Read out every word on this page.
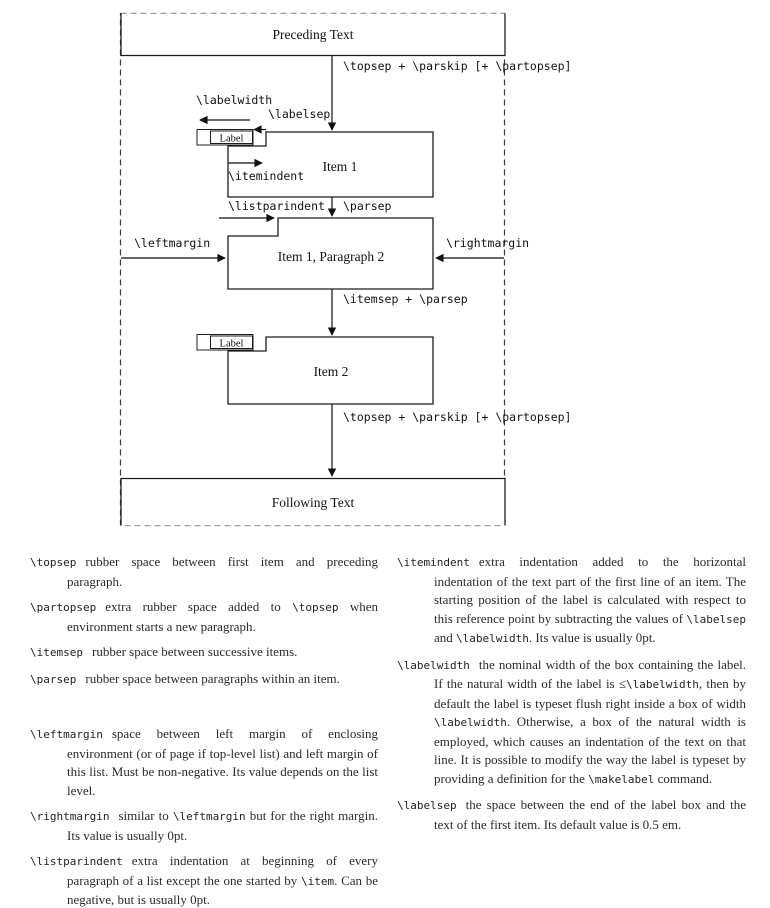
Preceding Text
Following Text
\topsep + \parskip [+ \partopsep]
\labelwidth
\labelsep
Item 1
Label
\itemindent
\listparindent \parsep
Item 1, Paragraph 2
\leftmargin	\rightmargin
\itemsep + \parsep
Item 2
Label
\topsep + \parskip [+ \partopsep]

\topsep rubber space between first item and preceding paragraph.

\partopsep extra rubber space added to \topsep when environment starts a new paragraph.

\itemsep rubber space between successive items.

\parsep rubber space between paragraphs within an item.

\leftmargin space between left margin of enclosing environment (or of page if top-level list) and left margin of this list. Must be non-negative. Its value depends on the list level.

\rightmargin similar to \leftmargin but for the right margin. Its value is usually 0pt.

\listparindent extra indentation at beginning of every paragraph of a list except the one started by \item. Can be negative, but is usually 0pt.

\itemindent extra indentation added to the horizontal indentation of the text part of the first line of an item. The starting position of the label is calculated with respect to this reference point by subtracting the values of \labelsep and \labelwidth. Its value is usually 0pt.

\labelwidth the nominal width of the box containing the label. If the natural width of the label is ≤\labelwidth, then by default the label is typeset flush right inside a box of width \labelwidth. Otherwise, a box of the natural width is employed, which causes an indentation of the text on that line. It is possible to modify the way the label is typeset by providing a definition for the \makelabel command.

\labelsep the space between the end of the label box and the text of the first item. Its default value is 0.5 em.
